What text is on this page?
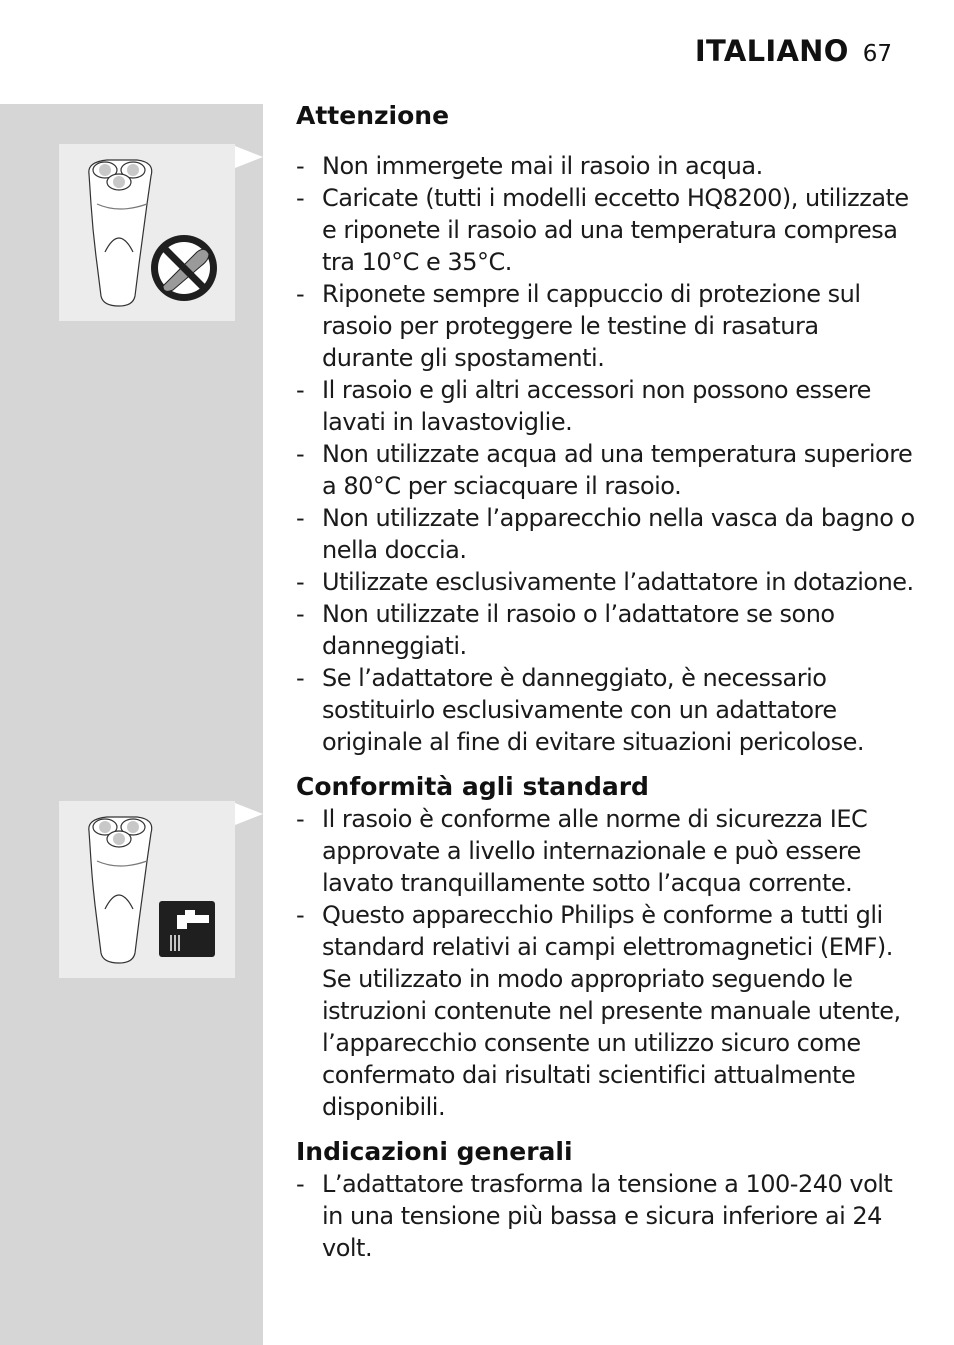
ITALIANO 67
Attenzione
- Non immergete mai il rasoio in acqua.
- Caricate (tutti i modelli eccetto HQ8200), utilizzate e riponete il rasoio ad una temperatura compresa tra 10°C e 35°C.
- Riponete sempre il cappuccio di protezione sul rasoio per proteggere le testine di rasatura durante gli spostamenti.
- Il rasoio e gli altri accessori non possono essere lavati in lavastoviglie.
- Non utilizzate acqua ad una temperatura superiore a 80°C per sciacquare il rasoio.
- Non utilizzate l’apparecchio nella vasca da bagno o nella doccia.
- Utilizzate esclusivamente l’adattatore in dotazione.
- Non utilizzate il rasoio o l’adattatore se sono danneggiati.
- Se l’adattatore è danneggiato, è necessario sostituirlo esclusivamente con un adattatore originale al fine di evitare situazioni pericolose.
Conformità agli standard
- Il rasoio è conforme alle norme di sicurezza IEC approvate a livello internazionale e può essere lavato tranquillamente sotto l’acqua corrente.
- Questo apparecchio Philips è conforme a tutti gli standard relativi ai campi elettromagnetici (EMF). Se utilizzato in modo appropriato seguendo le istruzioni contenute nel presente manuale utente, l’apparecchio consente un utilizzo sicuro come confermato dai risultati scientifici attualmente disponibili.
Indicazioni generali
- L’adattatore trasforma la tensione a 100-240 volt in una tensione più bassa e sicura inferiore ai 24 volt.
